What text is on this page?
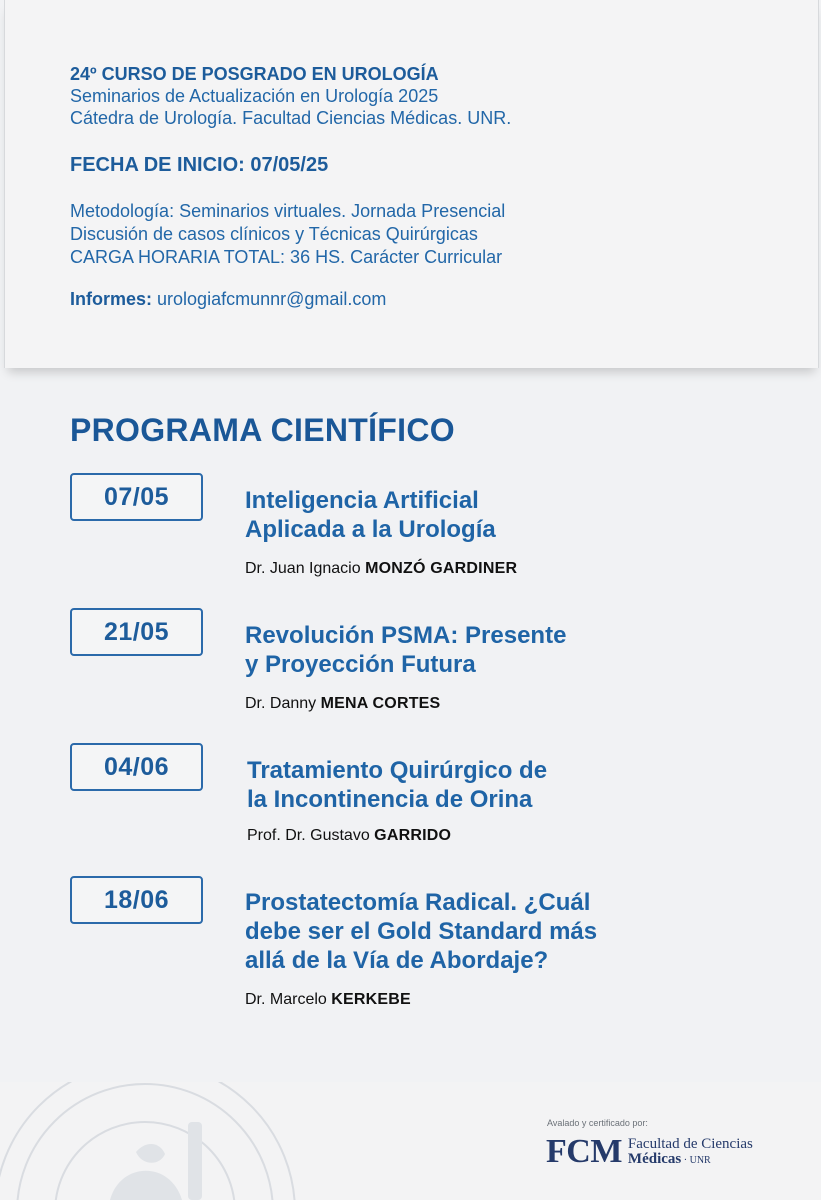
24º CURSO DE POSGRADO EN UROLOGÍA

Seminarios de Actualización en Urología 2025

Cátedra de Urología. Facultad Ciencias Médicas. UNR.

FECHA DE INICIO: 07/05/25

Metodología: Seminarios virtuales. Jornada Presencial

Discusión de casos clínicos y Técnicas Quirúrgicas

CARGA HORARIA TOTAL: 36 HS. Carácter Curricular

Informes: urologiafcmunnr@gmail.com
PROGRAMA CIENTÍFICO
07/05	Inteligencia Artificial

Aplicada a la Urología

Dr. Juan Ignacio MONZÓ GARDINER
21/05	Revolución PSMA: Presente

y Proyección Futura

Dr. Danny MENA CORTES
04/06	Tratamiento Quirúrgico de

la Incontinencia de Orina

Prof. Dr. Gustavo GARRIDO
18/06	Prostatectomía Radical. ¿Cuál

debe ser el Gold Standard más

allá de la Vía de Abordaje?

Dr. Marcelo KERKEBE
Avalado y certificado por:
FCM Facultad de Ciencias
Médicas · UNR
